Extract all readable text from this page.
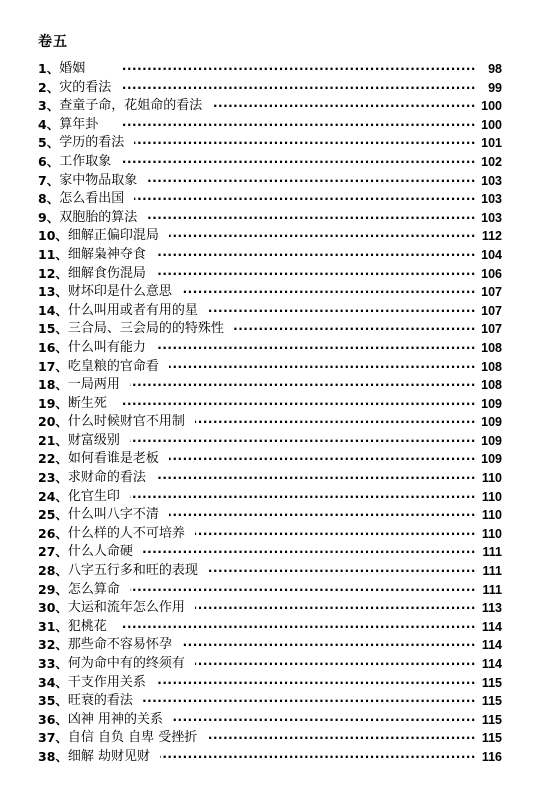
卷五
1、 婚姻 ·····	98
2、 灾的看法 ·····	99
3、 查童子命，花姐命的看法 ·····	100
4、 算年卦 ·····	100
5、 学历的看法 ·····	101
6、 工作取象 ·····	102
7、 家中物品取象 ·····	103
8、 怎么看出国 ·····	103
9、 双胞胎的算法 ·····	103
10、 细解正偏印混局 ·····	112
11、 细解枭神夺食 ·····	104
12、 细解食伤混局 ·····	106
13、 财坏印是什么意思 ·····	107
14、 什么叫用或者有用的星 ·····	107
15、 三合局、三会局的的特殊性 ·····	107
16、 什么叫有能力 ·····	108
17、 吃皇粮的官命看 ·····	108
18、 一局两用 ·····	108
19、 断生死 ·····	109
20、 什么时候财官不用制 ·····	109
21、 财富级别 ·····	109
22、 如何看谁是老板 ·····	109
23、 求财命的看法 ·····	110
24、 化官生印 ·····	110
25、 什么叫八字不清 ·····	110
26、 什么样的人不可培养 ·····	110
27、 什么人命硬 ·····	111
28、 八字五行多和旺的表现 ·····	111
29、 怎么算命 ·····	111
30、 大运和流年怎么作用 ·····	113
31、 犯桃花 ·····	114
32、 那些命不容易怀孕 ·····	114
33、 何为命中有的终须有 ·····	114
34、 干支作用关系 ·····	115
35、 旺衰的看法 ·····	115
36、 凶神 用神的关系 ·····	115
37、 自信 自负 自卑 受挫折 ·····	115
38、 细解 劫财见财 ·····	116
